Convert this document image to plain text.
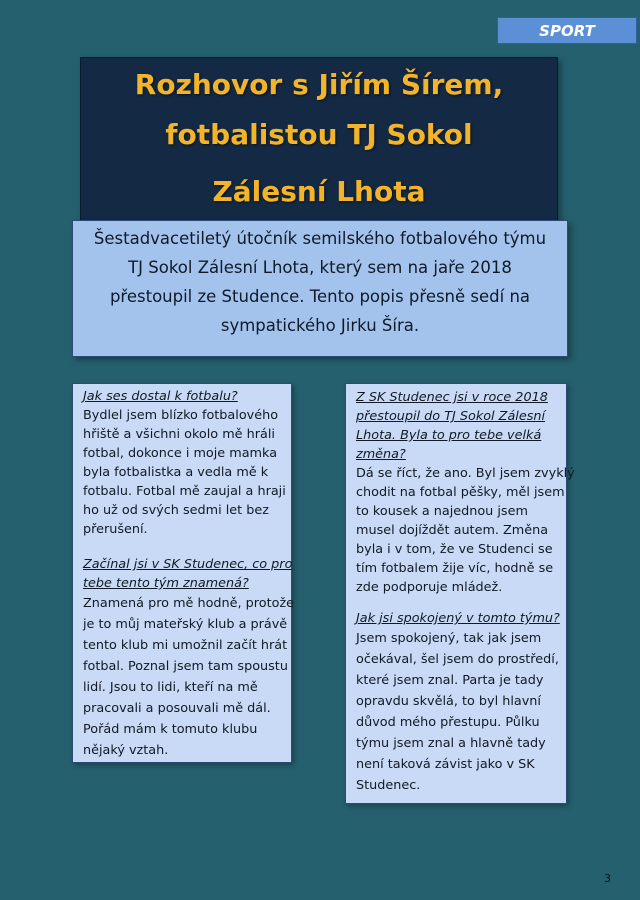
SPORT
Rozhovor s Jiřím Šírem,
fotbalistou TJ Sokol
Zálesní Lhota
Šestadvacetiletý útočník semilského fotbalového týmu
TJ Sokol Zálesní Lhota, který sem na jaře 2018
přestoupil ze Studence. Tento popis přesně sedí na
sympatického Jirku Šíra.
Jak ses dostal k fotbalu?
Bydlel jsem blízko fotbalového
hřiště a všichni okolo mě hráli
fotbal, dokonce i moje mamka
byla fotbalistka a vedla mě k
fotbalu. Fotbal mě zaujal a hraji
ho už od svých sedmi let bez
přerušení.
Začínal jsi v SK Studenec, co pro
tebe tento tým znamená?
Znamená pro mě hodně, protože
je to můj mateřský klub a právě
tento klub mi umožnil začít hrát
fotbal. Poznal jsem tam spoustu
lidí. Jsou to lidi, kteří na mě
pracovali a posouvali mě dál.
Pořád mám k tomuto klubu
nějaký vztah.
Z SK Studenec jsi v roce 2018
přestoupil do TJ Sokol Zálesní
Lhota. Byla to pro tebe velká
změna?
Dá se říct, že ano. Byl jsem zvyklý
chodit na fotbal pěšky, měl jsem
to kousek a najednou jsem
musel dojíždět autem. Změna
byla i v tom, že ve Studenci se
tím fotbalem žije víc, hodně se
zde podporuje mládež.
Jak jsi spokojený v tomto týmu?
Jsem spokojený, tak jak jsem
očekával, šel jsem do prostředí,
které jsem znal. Parta je tady
opravdu skvělá, to byl hlavní
důvod mého přestupu. Půlku
týmu jsem znal a hlavně tady
není taková závist jako v SK
Studenec.
3
